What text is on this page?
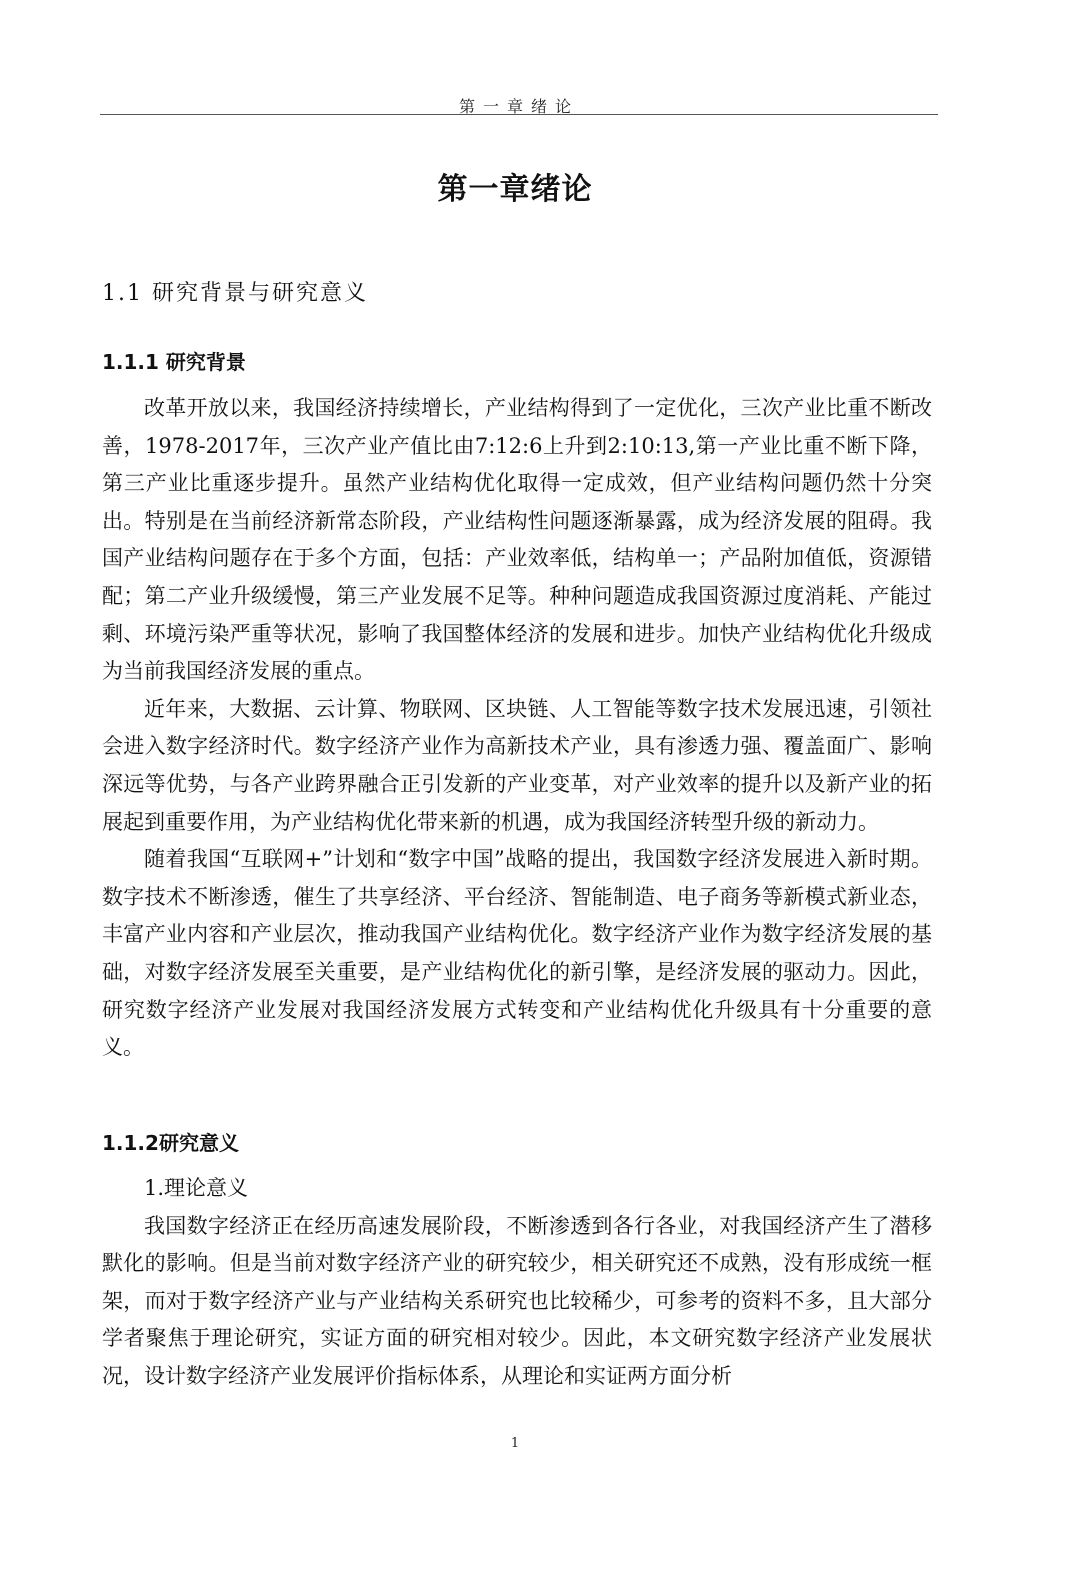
第一章绪论
第一章绪论
1.1 研究背景与研究意义
1.1.1 研究背景

改革开放以来，我国经济持续增长，产业结构得到了一定优化，三次产业比重不断改善，1978-2017年，三次产业产值比由7:12:6上升到2:10:13,第一产业比重不断下降，第三产业比重逐步提升。虽然产业结构优化取得一定成效，但产业结构问题仍然十分突出。特别是在当前经济新常态阶段，产业结构性问题逐渐暴露，成为经济发展的阻碍。我国产业结构问题存在于多个方面，包括：产业效率低，结构单一；产品附加值低，资源错配；第二产业升级缓慢，第三产业发展不足等。种种问题造成我国资源过度消耗、产能过剩、环境污染严重等状况，影响了我国整体经济的发展和进步。加快产业结构优化升级成为当前我国经济发展的重点。

近年来，大数据、云计算、物联网、区块链、人工智能等数字技术发展迅速，引领社会进入数字经济时代。数字经济产业作为高新技术产业，具有渗透力强、覆盖面广、影响深远等优势，与各产业跨界融合正引发新的产业变革，对产业效率的提升以及新产业的拓展起到重要作用，为产业结构优化带来新的机遇，成为我国经济转型升级的新动力。

随着我国“互联网+”计划和“数字中国”战略的提出，我国数字经济发展进入新时期。数字技术不断渗透，催生了共享经济、平台经济、智能制造、电子商务等新模式新业态，丰富产业内容和产业层次，推动我国产业结构优化。数字经济产业作为数字经济发展的基础，对数字经济发展至关重要，是产业结构优化的新引擎，是经济发展的驱动力。因此，研究数字经济产业发展对我国经济发展方式转变和产业结构优化升级具有十分重要的意义。

1.1.2研究意义

1.理论意义

我国数字经济正在经历高速发展阶段，不断渗透到各行各业，对我国经济产生了潜移默化的影响。但是当前对数字经济产业的研究较少，相关研究还不成熟，没有形成统一框架，而对于数字经济产业与产业结构关系研究也比较稀少，可参考的资料不多，且大部分学者聚焦于理论研究，实证方面的研究相对较少。因此，本文研究数字经济产业发展状况，设计数字经济产业发展评价指标体系，从理论和实证两方面分析

1
